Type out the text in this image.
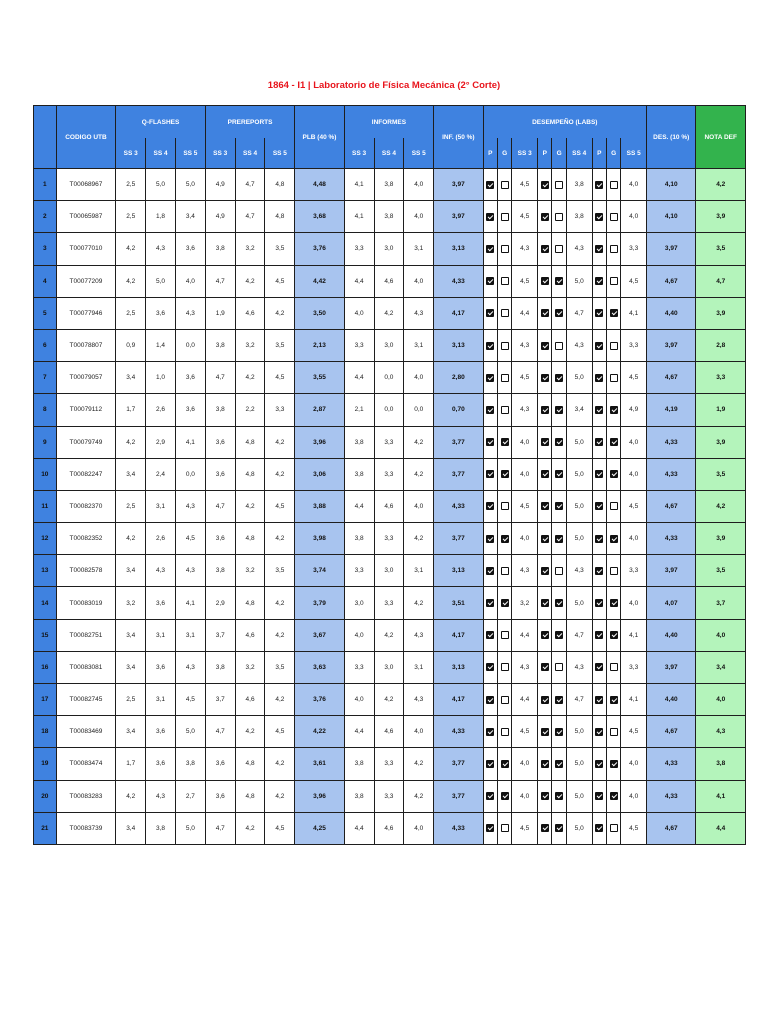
1864 - I1 | Laboratorio de Física Mecánica (2° Corte)
	CODIGO UTB	Q-FLASHES			PREREPORTS			PLB (40 %)	INFORMES			INF. (50 %)	DESEMPEÑO (LABS)									DES. (10 %)	NOTA DEF
		SS 3	SS 4	SS 5	SS 3	SS 4	SS 5		SS 3	SS 4	SS 5		P	G	SS 3	P	G	SS 4	P	G	SS 5		
1	T00068967	2,5	5,0	5,0	4,9	4,7	4,8	4,48	4,1	3,8	4,0	3,97			4,5			3,8			4,0	4,10	4,2
2	T00065987	2,5	1,8	3,4	4,9	4,7	4,8	3,68	4,1	3,8	4,0	3,97			4,5			3,8			4,0	4,10	3,9
3	T00077010	4,2	4,3	3,6	3,8	3,2	3,5	3,76	3,3	3,0	3,1	3,13			4,3			4,3			3,3	3,97	3,5
4	T00077209	4,2	5,0	4,0	4,7	4,2	4,5	4,42	4,4	4,6	4,0	4,33			4,5			5,0			4,5	4,67	4,7
5	T00077946	2,5	3,6	4,3	1,9	4,6	4,2	3,50	4,0	4,2	4,3	4,17			4,4			4,7			4,1	4,40	3,9
6	T00078807	0,9	1,4	0,0	3,8	3,2	3,5	2,13	3,3	3,0	3,1	3,13			4,3			4,3			3,3	3,97	2,8
7	T00079057	3,4	1,0	3,6	4,7	4,2	4,5	3,55	4,4	0,0	4,0	2,80			4,5			5,0			4,5	4,67	3,3
8	T00079112	1,7	2,6	3,6	3,8	2,2	3,3	2,87	2,1	0,0	0,0	0,70			4,3			3,4			4,9	4,19	1,9
9	T00079749	4,2	2,9	4,1	3,6	4,8	4,2	3,96	3,8	3,3	4,2	3,77			4,0			5,0			4,0	4,33	3,9
10	T00082247	3,4	2,4	0,0	3,6	4,8	4,2	3,06	3,8	3,3	4,2	3,77			4,0			5,0			4,0	4,33	3,5
11	T00082370	2,5	3,1	4,3	4,7	4,2	4,5	3,88	4,4	4,6	4,0	4,33			4,5			5,0			4,5	4,67	4,2
12	T00082352	4,2	2,6	4,5	3,6	4,8	4,2	3,98	3,8	3,3	4,2	3,77			4,0			5,0			4,0	4,33	3,9
13	T00082578	3,4	4,3	4,3	3,8	3,2	3,5	3,74	3,3	3,0	3,1	3,13			4,3			4,3			3,3	3,97	3,5
14	T00083019	3,2	3,6	4,1	2,9	4,8	4,2	3,79	3,0	3,3	4,2	3,51			3,2			5,0			4,0	4,07	3,7
15	T00082751	3,4	3,1	3,1	3,7	4,6	4,2	3,67	4,0	4,2	4,3	4,17			4,4			4,7			4,1	4,40	4,0
16	T00083081	3,4	3,6	4,3	3,8	3,2	3,5	3,63	3,3	3,0	3,1	3,13			4,3			4,3			3,3	3,97	3,4
17	T00082745	2,5	3,1	4,5	3,7	4,6	4,2	3,76	4,0	4,2	4,3	4,17			4,4			4,7			4,1	4,40	4,0
18	T00083469	3,4	3,6	5,0	4,7	4,2	4,5	4,22	4,4	4,6	4,0	4,33			4,5			5,0			4,5	4,67	4,3
19	T00083474	1,7	3,6	3,8	3,6	4,8	4,2	3,61	3,8	3,3	4,2	3,77			4,0			5,0			4,0	4,33	3,8
20	T00083283	4,2	4,3	2,7	3,6	4,8	4,2	3,96	3,8	3,3	4,2	3,77			4,0			5,0			4,0	4,33	4,1
21	T00083739	3,4	3,8	5,0	4,7	4,2	4,5	4,25	4,4	4,6	4,0	4,33			4,5			5,0			4,5	4,67	4,4
